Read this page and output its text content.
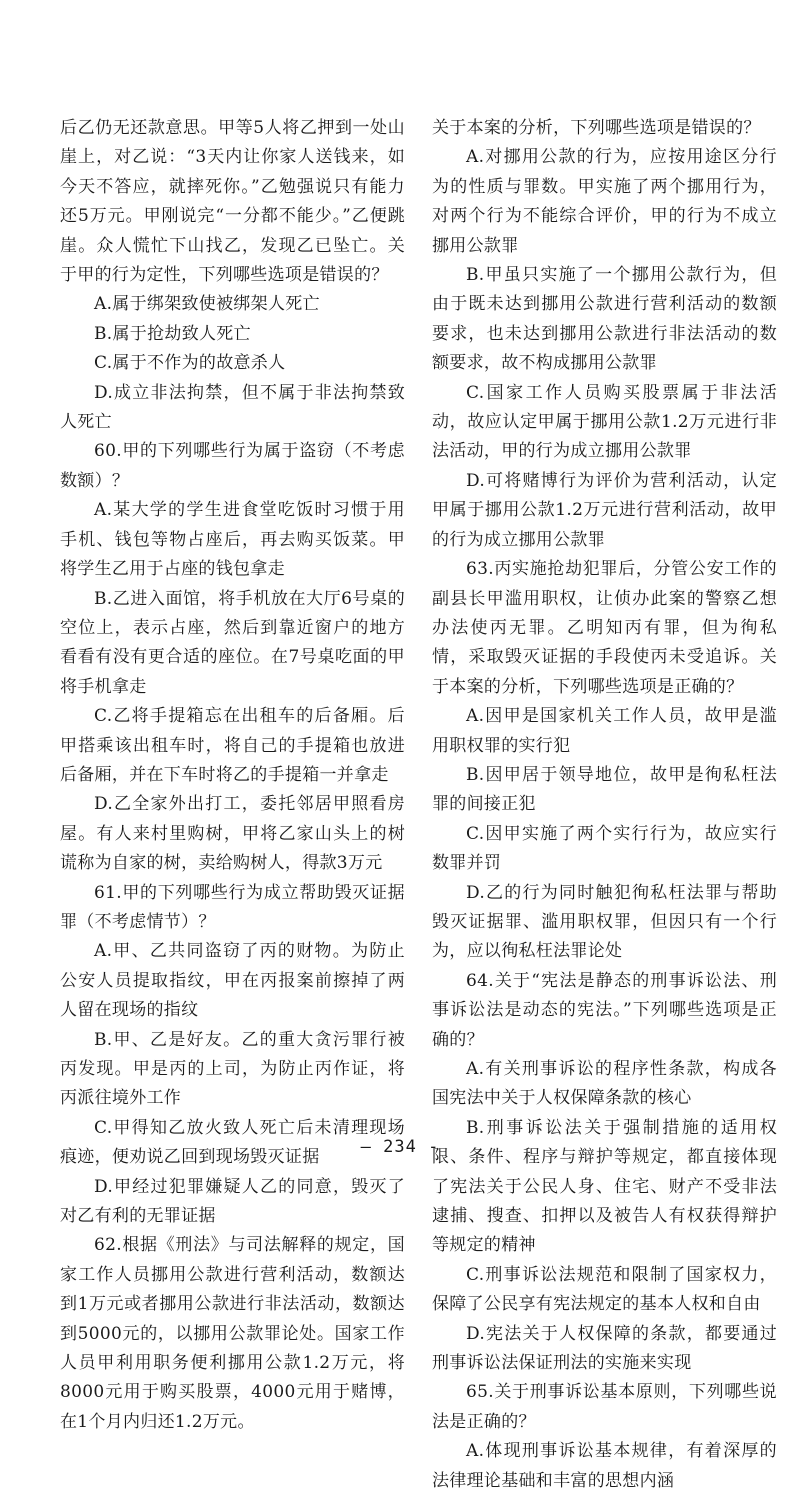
后乙仍无还款意思。甲等5人将乙押到一处山崖上，对乙说：“3天内让你家人送钱来，如今天不答应，就摔死你。”乙勉强说只有能力还5万元。甲刚说完“一分都不能少。”乙便跳崖。众人慌忙下山找乙，发现乙已坠亡。关于甲的行为定性，下列哪些选项是错误的？

A.属于绑架致使被绑架人死亡

B.属于抢劫致人死亡

C.属于不作为的故意杀人

D.成立非法拘禁，但不属于非法拘禁致人死亡

60.甲的下列哪些行为属于盗窃（不考虑数额）？

A.某大学的学生进食堂吃饭时习惯于用手机、钱包等物占座后，再去购买饭菜。甲将学生乙用于占座的钱包拿走

B.乙进入面馆，将手机放在大厅6号桌的空位上，表示占座，然后到靠近窗户的地方看看有没有更合适的座位。在7号桌吃面的甲将手机拿走

C.乙将手提箱忘在出租车的后备厢。后甲搭乘该出租车时，将自己的手提箱也放进后备厢，并在下车时将乙的手提箱一并拿走

D.乙全家外出打工，委托邻居甲照看房屋。有人来村里购树，甲将乙家山头上的树谎称为自家的树，卖给购树人，得款3万元

61.甲的下列哪些行为成立帮助毁灭证据罪（不考虑情节）？

A.甲、乙共同盗窃了丙的财物。为防止公安人员提取指纹，甲在丙报案前擦掉了两人留在现场的指纹

B.甲、乙是好友。乙的重大贪污罪行被丙发现。甲是丙的上司，为防止丙作证，将丙派往境外工作

C.甲得知乙放火致人死亡后未清理现场痕迹，便劝说乙回到现场毁灭证据

D.甲经过犯罪嫌疑人乙的同意，毁灭了对乙有利的无罪证据

62.根据《刑法》与司法解释的规定，国家工作人员挪用公款进行营利活动，数额达到1万元或者挪用公款进行非法活动，数额达到5000元的，以挪用公款罪论处。国家工作人员甲利用职务便利挪用公款1.2万元，将8000元用于购买股票，4000元用于赌博，在1个月内归还1.2万元。

关于本案的分析，下列哪些选项是错误的？

A.对挪用公款的行为，应按用途区分行为的性质与罪数。甲实施了两个挪用行为，对两个行为不能综合评价，甲的行为不成立挪用公款罪

B.甲虽只实施了一个挪用公款行为，但由于既未达到挪用公款进行营利活动的数额要求，也未达到挪用公款进行非法活动的数额要求，故不构成挪用公款罪

C.国家工作人员购买股票属于非法活动，故应认定甲属于挪用公款1.2万元进行非法活动，甲的行为成立挪用公款罪

D.可将赌博行为评价为营利活动，认定甲属于挪用公款1.2万元进行营利活动，故甲的行为成立挪用公款罪

63.丙实施抢劫犯罪后，分管公安工作的副县长甲滥用职权，让侦办此案的警察乙想办法使丙无罪。乙明知丙有罪，但为徇私情，采取毁灭证据的手段使丙未受追诉。关于本案的分析，下列哪些选项是正确的？

A.因甲是国家机关工作人员，故甲是滥用职权罪的实行犯

B.因甲居于领导地位，故甲是徇私枉法罪的间接正犯

C.因甲实施了两个实行行为，故应实行数罪并罚

D.乙的行为同时触犯徇私枉法罪与帮助毁灭证据罪、滥用职权罪，但因只有一个行为，应以徇私枉法罪论处

64.关于“宪法是静态的刑事诉讼法、刑事诉讼法是动态的宪法。”下列哪些选项是正确的？

A.有关刑事诉讼的程序性条款，构成各国宪法中关于人权保障条款的核心

B.刑事诉讼法关于强制措施的适用权限、条件、程序与辩护等规定，都直接体现了宪法关于公民人身、住宅、财产不受非法逮捕、搜查、扣押以及被告人有权获得辩护等规定的精神

C.刑事诉讼法规范和限制了国家权力，保障了公民享有宪法规定的基本人权和自由

D.宪法关于人权保障的条款，都要通过刑事诉讼法保证刑法的实施来实现

65.关于刑事诉讼基本原则，下列哪些说法是正确的？

A.体现刑事诉讼基本规律，有着深厚的法律理论基础和丰富的思想内涵

— 234 -
